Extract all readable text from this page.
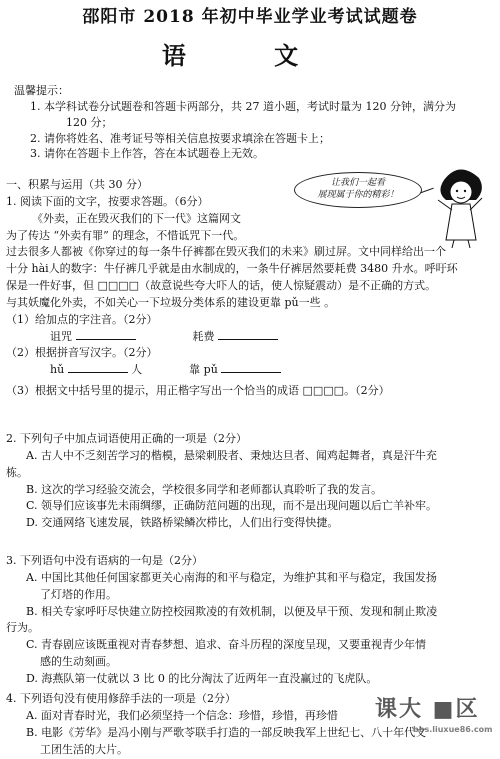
邵阳市 2018 年初中毕业学业考试试题卷
语 文
温馨提示：
1. 本学科试卷分试题卷和答题卡两部分，共 27 道小题，考试时量为 120 分钟，满分为
120 分；
2. 请你将姓名、准考证号等相关信息按要求填涂在答题卡上；
3. 请你在答题卡上作答，答在本试题卷上无效。
让我们一起看
展现属于你的精彩！
一、积累与运用（共 30 分）
1. 阅读下面的文字，按要求答题。（6分）
《外卖，正在毁灭我们的下一代》这篇网文
为了传达 “外卖有罪” 的理念，不惜诋咒下一代。
过去很多人都被《你穿过的每一条牛仔裤都在毁灭我们的未来》刷过屏。文中同样给出一个
十分 hài人的数字：牛仔裤几乎就是由水制成的，一条牛仔裤居然要耗费 3480 升水。呼吁环
保是一件好事，但 □□□□（故意说些夸大吓人的话，使人惊疑震动）是不正确的方式。
与其妖魔化外卖，不如关心一下垃圾分类体系的建设更靠 pǔ一些 。
（1）给加点的字注音。（2分）
诅咒	耗费
（2）根据拼音写汉字。（2分）
hǔ	人	靠 pǔ
（3）根据文中括号里的提示，用正楷字写出一个恰当的成语 □□□□。（2分）
2. 下列句子中加点词语使用正确的一项是（2分）
A. 古人中不乏刻苦学习的楷模，悬梁刺股者、秉烛达旦者、闻鸡起舞者，真是汗牛充
栋。
B. 这次的学习经验交流会，学校很多同学和老师都认真聆听了我的发言。
C. 领导们应该事先未雨绸缪，正确防范问题的出现，而不是出现问题以后亡羊补牢。
D. 交通网络飞速发展，铁路桥梁鳞次栉比，人们出行变得快捷。
3. 下列语句中没有语病的一句是（2分）
A. 中国比其他任何国家都更关心南海的和平与稳定，为维护其和平与稳定，我国发扬
了灯塔的作用。
B. 相关专家呼吁尽快建立防控校园欺凌的有效机制，以便及早干预、发现和制止欺凌
行为。
C. 青春剧应该既重视对青春梦想、追求、奋斗历程的深度呈现，又要重视青少年情
感的生动刻画。
D. 海燕队第一仗就以 3 比 0 的比分淘汰了近两年一直没赢过的飞虎队。
4. 下列语句没有使用修辞手法的一项是（2分）
A. 面对青春时光，我们必须坚持一个信念：珍惜，珍惜，再珍惜
B. 电影《芳华》是冯小刚与严歌苓联手打造的一部反映我军上世纪七、八十年代文
工团生活的大片。
课大 ■区
bbs.liuxue86.com
